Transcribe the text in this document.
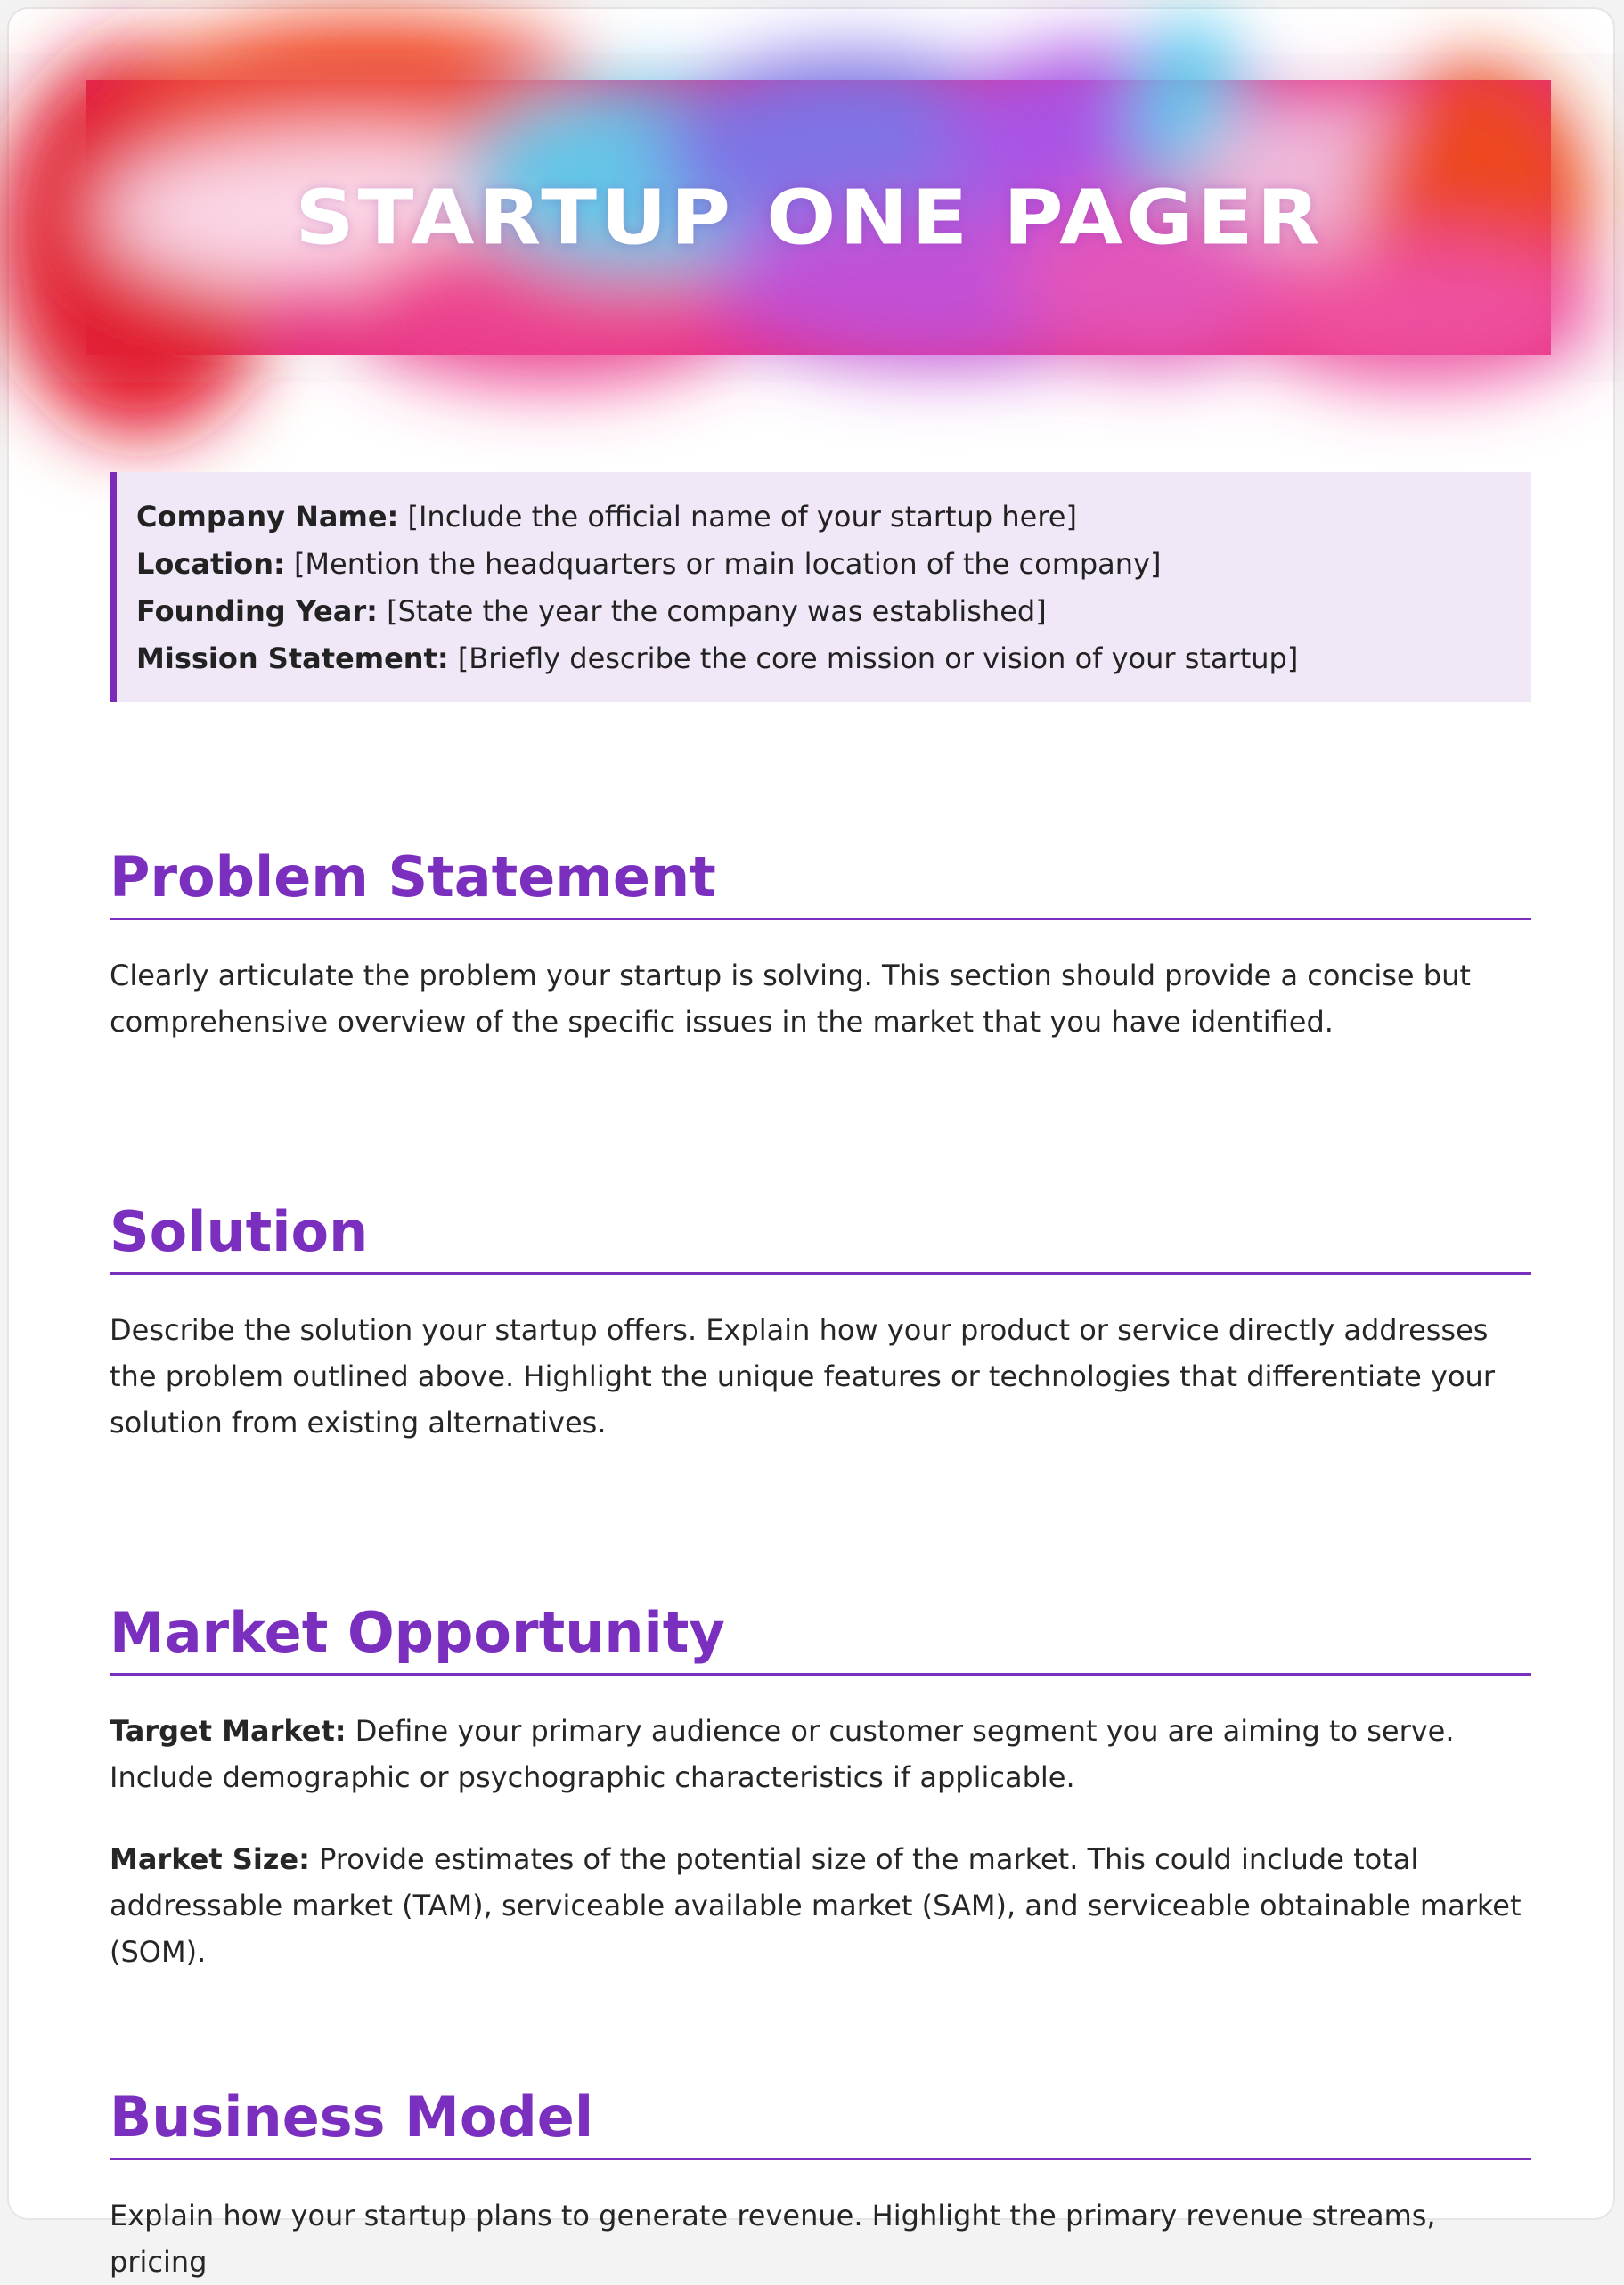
STARTUP ONE PAGER
Company Name: [Include the official name of your startup here]
Location: [Mention the headquarters or main location of the company]
Founding Year: [State the year the company was established]
Mission Statement: [Briefly describe the core mission or vision of your startup]
Problem Statement

Clearly articulate the problem your startup is solving. This section should provide a concise but comprehensive overview of the specific issues in the market that you have identified.

Solution

Describe the solution your startup offers. Explain how your product or service directly addresses the problem outlined above. Highlight the unique features or technologies that differentiate your solution from existing alternatives.

Market Opportunity

Target Market: Define your primary audience or customer segment you are aiming to serve. Include demographic or psychographic characteristics if applicable.

Market Size: Provide estimates of the potential size of the market. This could include total addressable market (TAM), serviceable available market (SAM), and serviceable obtainable market (SOM).

Business Model

Explain how your startup plans to generate revenue. Highlight the primary revenue streams, pricing
